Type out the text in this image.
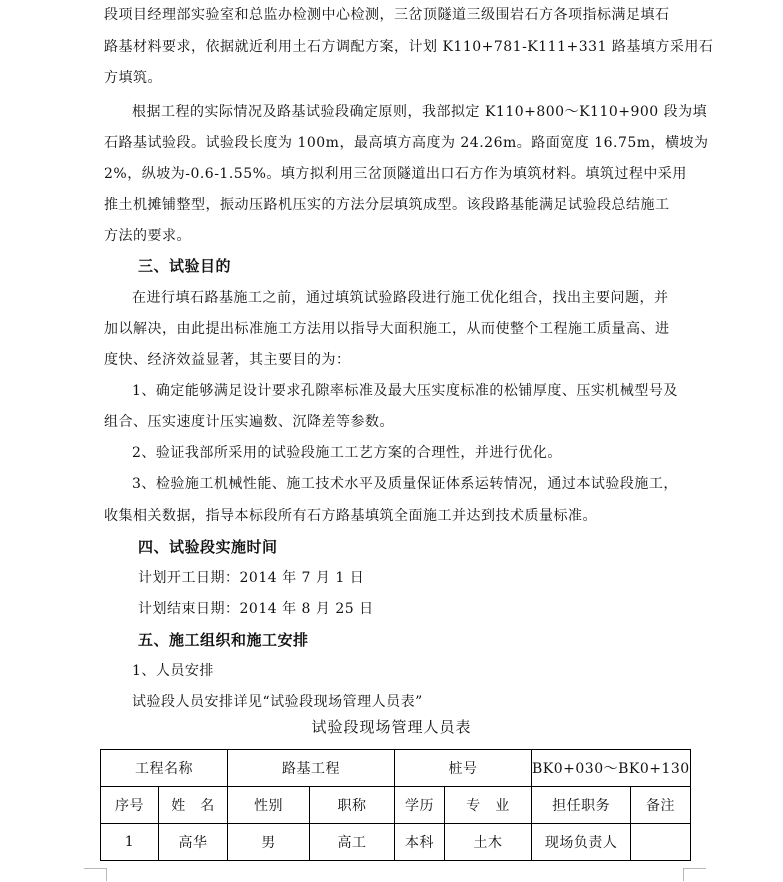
段项目经理部实验室和总监办检测中心检测，三岔顶隧道三级围岩石方各项指标满足填石

路基材料要求，依据就近利用土石方调配方案，计划 K110+781-K111+331 路基填方采用石

方填筑。

根据工程的实际情况及路基试验段确定原则，我部拟定 K110+800～K110+900 段为填

石路基试验段。试验段长度为 100m，最高填方高度为 24.26m。路面宽度 16.75m，横坡为

2%，纵坡为-0.6-1.55%。填方拟利用三岔顶隧道出口石方作为填筑材料。填筑过程中采用

推土机摊铺整型，振动压路机压实的方法分层填筑成型。该段路基能满足试验段总结施工

方法的要求。

三、试验目的

在进行填石路基施工之前，通过填筑试验路段进行施工优化组合，找出主要问题，并

加以解决，由此提出标准施工方法用以指导大面积施工，从而使整个工程施工质量高、进

度快、经济效益显著，其主要目的为：

1、确定能够满足设计要求孔隙率标准及最大压实度标准的松铺厚度、压实机械型号及

组合、压实速度计压实遍数、沉降差等参数。

2、验证我部所采用的试验段施工工艺方案的合理性，并进行优化。

3、检验施工机械性能、施工技术水平及质量保证体系运转情况，通过本试验段施工，

收集相关数据，指导本标段所有石方路基填筑全面施工并达到技术质量标准。

四、试验段实施时间

计划开工日期：2014 年 7 月 1 日

计划结束日期：2014 年 8 月 25 日

五、施工组织和施工安排

1、人员安排

试验段人员安排详见“试验段现场管理人员表”

试验段现场管理人员表
工程名称		路基工程		桩号		BK0+030～BK0+130	
序号	姓　名	性别	职称	学历	专　业	担任职务	备注
1	高华	男	高工	本科	土木	现场负责人	
